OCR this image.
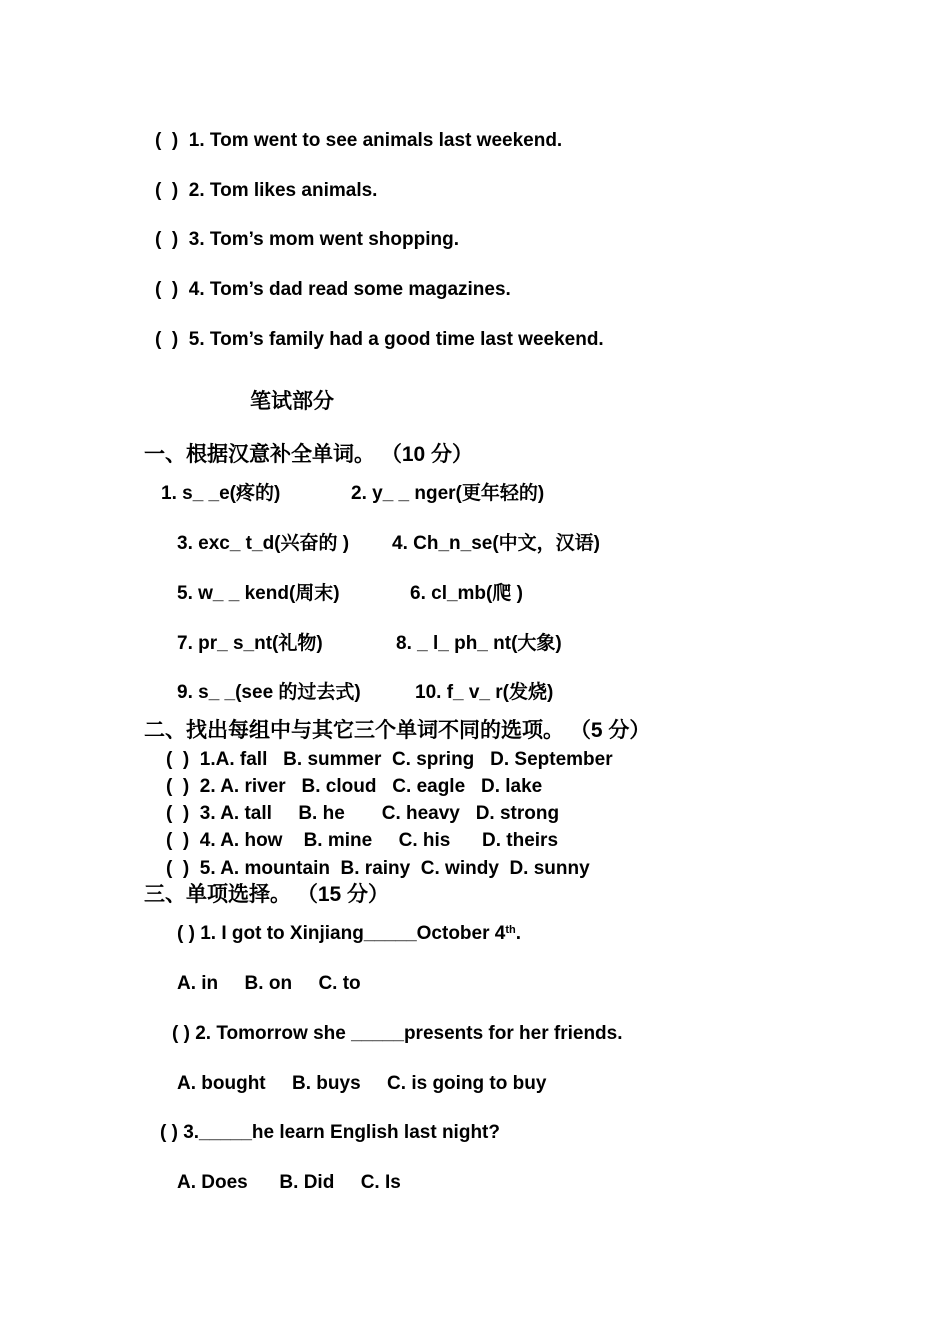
(  )  1. Tom went to see animals last weekend.
(  )  2. Tom likes animals.
(  )  3. Tom’s mom went shopping.
(  )  4. Tom’s dad read some magazines.
(  )  5. Tom’s family had a good time last weekend.
笔试部分
一、根据汉意补全单词。 （10 分）
1. s_ _e(疼的)	2. y_ _ nger(更年轻的)
3. exc_ t_d(兴奋的 ) 4. Ch_n_se(中文，汉语)
5. w_ _ kend(周末)	6. cl_mb(爬 )
7. pr_ s_nt(礼物)	8. _ l_ ph_ nt(大象)
9. s_ _(see 的过去式)	10. f_ v_ r(发烧)
二、找出每组中与其它三个单词不同的选项。 （5 分）
(  )  1.A. fall   B. summer  C. spring   D. September
(  )  2. A. river   B. cloud   C. eagle   D. lake
(  )  3. A. tall     B. he       C. heavy   D. strong
(  )  4. A. how    B. mine     C. his      D. theirs
(  )  5. A. mountain  B. rainy  C. windy  D. sunny
三、单项选择。 （15 分）
( ) 1. I got to Xinjiang_____October 4th.
A. in     B. on     C. to
( ) 2. Tomorrow she _____presents for her friends.
A. bought     B. buys     C. is going to buy
( ) 3._____he learn English last night?
A. Does      B. Did     C. Is
